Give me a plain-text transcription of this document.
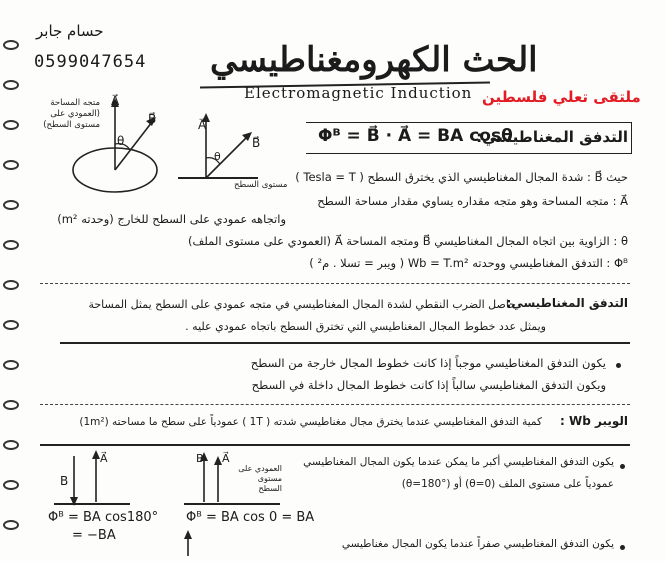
حسام جابر
0599047654 الحث الكهرومغناطيسي
Electromagnetic Induction ملتقى تعلي فلسطين
A⃗
B⃗
θ
متجه المساحة (العمودي على مستوى السطح)	A⃗
B⃗
θ
مستوى السطح
التدفق المغناطيسي:
Φᴮ = B⃗ · A⃗ = BA cosθ
حيث B⃗ : شدة المجال المغناطيسي الذي يخترق السطح ( Tesla = T )
A⃗ : متجه المساحة وهو متجه مقداره يساوي مقدار مساحة السطح
واتجاهه عمودي على السطح للخارج (وحدته m²)
θ : الزاوية بين اتجاه المجال المغناطيسي B⃗ ومتجه المساحة A⃗ (العمودي على مستوى الملف)
Φᴮ : التدفق المغناطيسي ووحدته Wb = T.m² ( ويبر = تسلا . م² )
التدفق المغناطيسي:
حاصل الضرب النقطي لشدة المجال المغناطيسي في متجه عمودي على السطح يمثل المساحة
ويمثل عدد خطوط المجال المغناطيسي التي تخترق السطح باتجاه عمودي عليه .
يكون التدفق المغناطيسي موجباً إذا كانت خطوط المجال خارجة من السطح
ويكون التدفق المغناطيسي سالباً إذا كانت خطوط المجال داخلة في السطح
الويبر Wb :
كمية التدفق المغناطيسي عندما يخترق مجال مغناطيسي شدته ( 1T ) عمودياً على سطح ما مساحته (1m²)
B
A⃗
Φᴮ = BA cos180°
= −BA
B A⃗
العمودي على مستوى السطح
Φᴮ = BA cos 0 = BA
يكون التدفق المغناطيسي أكبر ما يمكن عندما يكون المجال المغناطيسي
عمودياً على مستوى الملف (θ=0) أو (θ=180°)
يكون التدفق المغناطيسي صفراً عندما يكون المجال مغناطيسي
